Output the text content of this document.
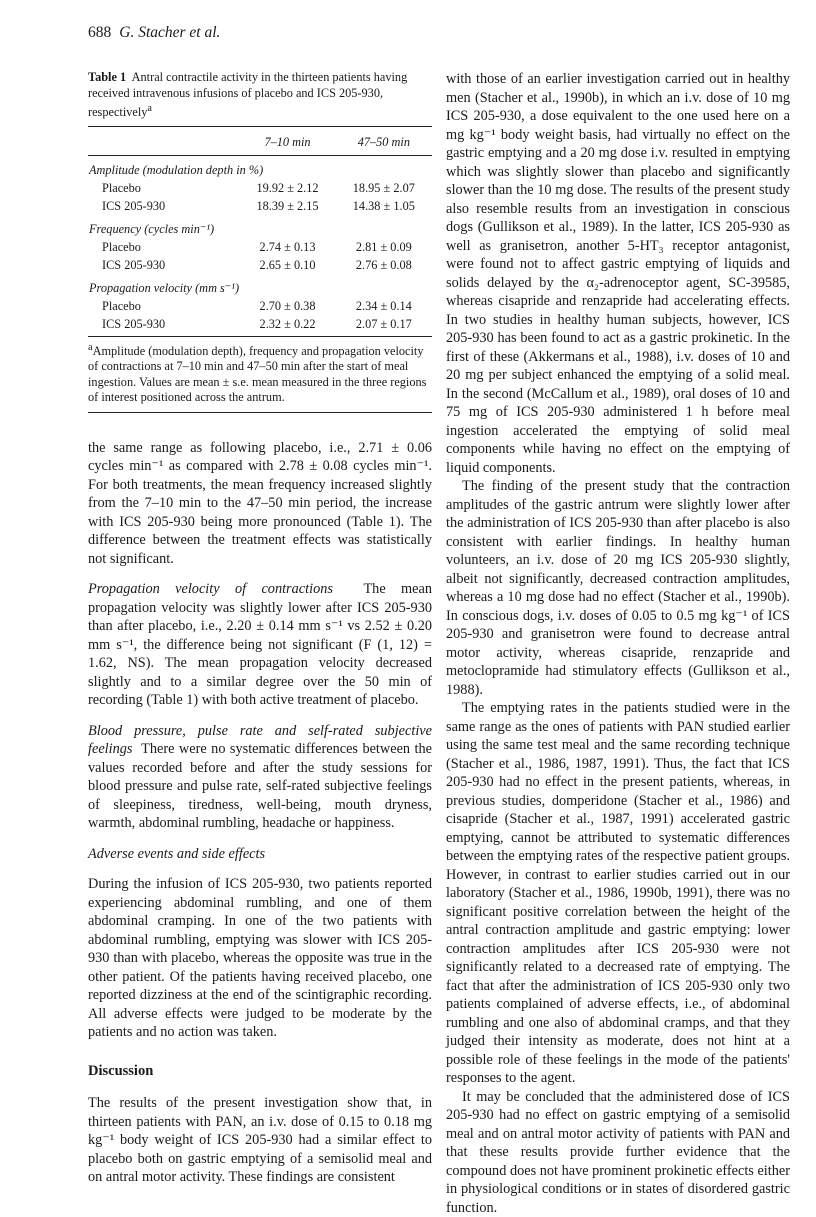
688 G. Stacher et al.
Table 1 Antral contractile activity in the thirteen patients having received intravenous infusions of placebo and ICS 205-930, respectively$^a$
	7–10 min	47–50 min
Amplitude (modulation depth in %)		
Placebo	19.92 ± 2.12	18.95 ± 2.07
ICS 205-930	18.39 ± 2.15	14.38 ± 1.05
Frequency (cycles min⁻¹)		
Placebo	2.74 ± 0.13	2.81 ± 0.09
ICS 205-930	2.65 ± 0.10	2.76 ± 0.08
Propagation velocity (mm s⁻¹)		
Placebo	2.70 ± 0.38	2.34 ± 0.14
ICS 205-930	2.32 ± 0.22	2.07 ± 0.17
$^a$Amplitude (modulation depth), frequency and propagation velocity of contractions at 7–10 min and 47–50 min after the start of meal ingestion. Values are mean ± s.e. mean measured in the three regions of interest positioned across the antrum.

the same range as following placebo, i.e., 2.71 ± 0.06 cycles min⁻¹ as compared with 2.78 ± 0.08 cycles min⁻¹. For both treatments, the mean frequency increased slightly from the 7–10 min to the 47–50 min period, the increase with ICS 205-930 being more pronounced (Table 1). The difference between the treatment effects was statistically not significant.

Propagation velocity of contractions The mean propagation velocity was slightly lower after ICS 205-930 than after placebo, i.e., 2.20 ± 0.14 mm s⁻¹ vs 2.52 ± 0.20 mm s⁻¹, the difference being not significant (F (1, 12) = 1.62, NS). The mean propagation velocity decreased slightly and to a similar degree over the 50 min of recording (Table 1) with both active treatment of placebo.

Blood pressure, pulse rate and self-rated subjective feelings There were no systematic differences between the values recorded before and after the study sessions for blood pressure and pulse rate, self-rated subjective feelings of sleepiness, tiredness, well-being, mouth dryness, warmth, abdominal rumbling, headache or happiness.

Adverse events and side effects

During the infusion of ICS 205-930, two patients reported experiencing abdominal rumbling, and one of them abdominal cramping. In one of the two patients with abdominal rumbling, emptying was slower with ICS 205-930 than with placebo, whereas the opposite was true in the other patient. Of the patients having received placebo, one reported dizziness at the end of the scintigraphic recording. All adverse effects were judged to be moderate by the patients and no action was taken.

Discussion

The results of the present investigation show that, in thirteen patients with PAN, an i.v. dose of 0.15 to 0.18 mg kg⁻¹ body weight of ICS 205-930 had a similar effect to placebo both on gastric emptying of a semisolid meal and on antral motor activity. These findings are consistent

with those of an earlier investigation carried out in healthy men (Stacher et al., 1990b), in which an i.v. dose of 10 mg ICS 205-930, a dose equivalent to the one used here on a mg kg⁻¹ body weight basis, had virtually no effect on the gastric emptying and a 20 mg dose i.v. resulted in emptying which was slightly slower than placebo and significantly slower than the 10 mg dose. The results of the present study also resemble results from an investigation in conscious dogs (Gullikson et al., 1989). In the latter, ICS 205-930 as well as granisetron, another 5-HT₃ receptor antagonist, were found not to affect gastric emptying of liquids and solids delayed by the α₂-adrenoceptor agent, SC-39585, whereas cisapride and renzapride had accelerating effects. In two studies in healthy human subjects, however, ICS 205-930 has been found to act as a gastric prokinetic. In the first of these (Akkermans et al., 1988), i.v. doses of 10 and 20 mg per subject enhanced the emptying of a solid meal. In the second (McCallum et al., 1989), oral doses of 10 and 75 mg of ICS 205-930 administered 1 h before meal ingestion accelerated the emptying of solid meal components while having no effect on the emptying of liquid components.

The finding of the present study that the contraction amplitudes of the gastric antrum were slightly lower after the administration of ICS 205-930 than after placebo is also consistent with earlier findings. In healthy human volunteers, an i.v. dose of 20 mg ICS 205-930 slightly, albeit not significantly, decreased contraction amplitudes, whereas a 10 mg dose had no effect (Stacher et al., 1990b). In conscious dogs, i.v. doses of 0.05 to 0.5 mg kg⁻¹ of ICS 205-930 and granisetron were found to decrease antral motor activity, whereas cisapride, renzapride and metoclopramide had stimulatory effects (Gullikson et al., 1988).

The emptying rates in the patients studied were in the same range as the ones of patients with PAN studied earlier using the same test meal and the same recording technique (Stacher et al., 1986, 1987, 1991). Thus, the fact that ICS 205-930 had no effect in the present patients, whereas, in previous studies, domperidone (Stacher et al., 1986) and cisapride (Stacher et al., 1987, 1991) accelerated gastric emptying, cannot be attributed to systematic differences between the emptying rates of the respective patient groups. However, in contrast to earlier studies carried out in our laboratory (Stacher et al., 1986, 1990b, 1991), there was no significant positive correlation between the height of the antral contraction amplitude and gastric emptying: lower contraction amplitudes after ICS 205-930 were not significantly related to a decreased rate of emptying. The fact that after the administration of ICS 205-930 only two patients complained of adverse effects, i.e., of abdominal rumbling and one also of abdominal cramps, and that they judged their intensity as moderate, does not hint at a possible role of these feelings in the mode of the patients' responses to the agent.

It may be concluded that the administered dose of ICS 205-930 had no effect on gastric emptying of a semisolid meal and on antral motor activity of patients with PAN and that these results provide further evidence that the compound does not have prominent prokinetic effects either in physiological conditions or in states of disordered gastric function.
